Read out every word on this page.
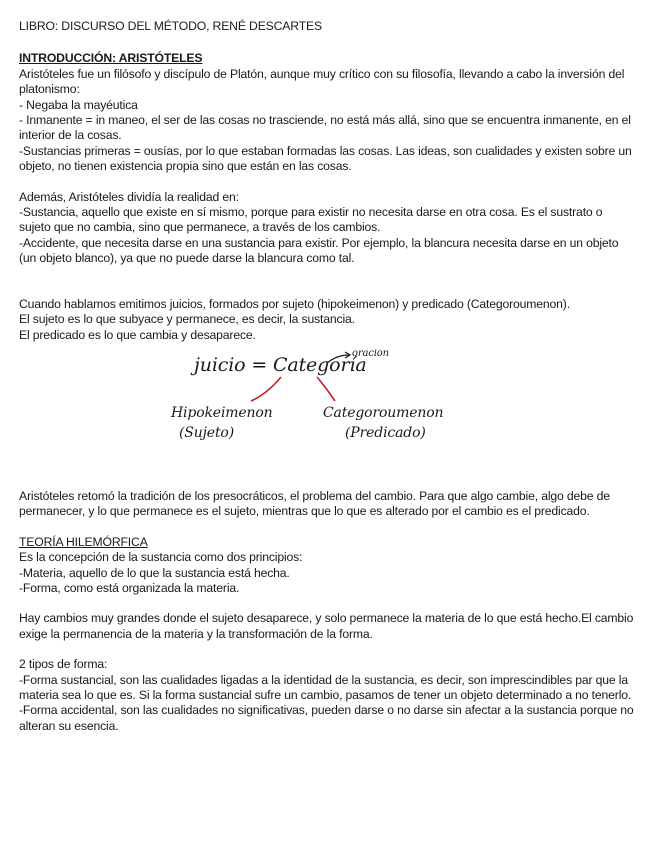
LIBRO: DISCURSO DEL MÉTODO, RENÉ DESCARTES

INTRODUCCIÓN: ARISTÓTELES

Aristóteles fue un filósofo y discípulo de Platón, aunque muy crítico con su filosofía, llevando a cabo la inversión del platonismo:

- Negaba la mayéutica

- Inmanente = in maneo, el ser de las cosas no trasciende, no está más allá, sino que se encuentra inmanente, en el interior de la cosas.

-Sustancias primeras = ousías, por lo que estaban formadas las cosas. Las ideas, son cualidades y existen sobre un objeto, no tienen existencia propia sino que están en las cosas.

Además, Aristóteles dividía la realidad en:

-Sustancia, aquello que existe en sí mismo, porque para existir no necesita darse en otra cosa. Es el sustrato o sujeto que no cambia, sino que permanece, a través de los cambios.

-Accidente, que necesita darse en una sustancia para existir. Por ejemplo, la blancura necesita darse en un objeto (un objeto blanco), ya que no puede darse la blancura como tal.

Cuando hablamos emitimos juicios, formados por sujeto (hipokeimenon) y predicado (Categoroumenon).

El sujeto es lo que subyace y permanece, es decir, la sustancia.

El predicado es lo que cambia y desaparece.

juicio = Categoría
oración
Hipokeimenon
(Sujeto)
Categoroumenon
(Predicado)

Aristóteles retomó la tradición de los presocráticos, el problema del cambio. Para que algo cambie, algo debe de permanecer, y lo que permanece es el sujeto, mientras que lo que es alterado por el cambio es el predicado.

TEORÍA HILEMÓRFICA

Es la concepción de la sustancia como dos principios:

-Materia, aquello de lo que la sustancia está hecha.

-Forma, como está organizada la materia.

Hay cambios muy grandes donde el sujeto desaparece, y solo permanece la materia de lo que está hecho.El cambio exige la permanencia de la materia y la transformación de la forma.

2 tipos de forma:

-Forma sustancial, son las cualidades ligadas a la identidad de la sustancia, es decir, son imprescindibles par que la materia sea lo que es. Si la forma sustancial sufre un cambio, pasamos de tener un objeto determinado a no tenerlo.

-Forma accidental, son las cualidades no significativas, pueden darse o no darse sin afectar a la sustancia porque no alteran su esencia.
